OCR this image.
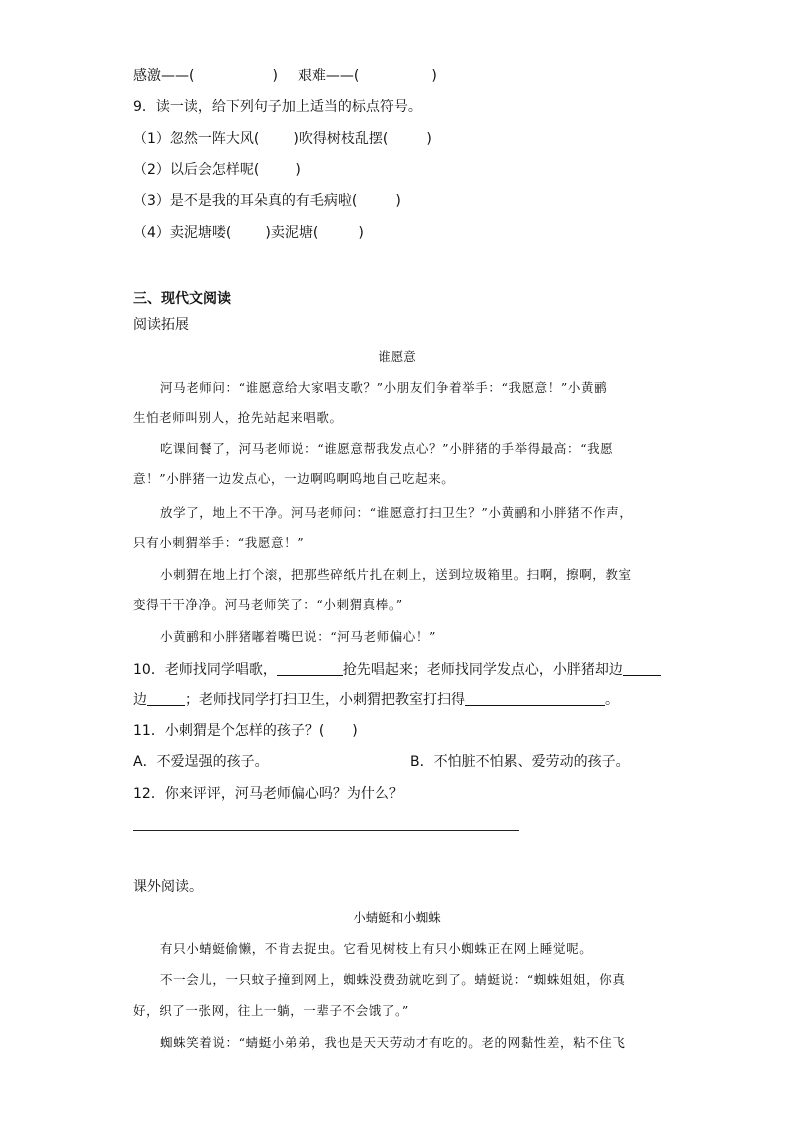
感激——(	) 艰难——(	)
9．读一读，给下列句子加上适当的标点符号。
（1）忽然一阵大风( )吹得树枝乱摆(	)
（2）以后会怎样呢(	)
（3）是不是我的耳朵真的有毛病啦(	)
（4）卖泥塘喽( )卖泥塘(	)
三、现代文阅读
阅读拓展
谁愿意
河马老师问：“谁愿意给大家唱支歌？”小朋友们争着举手：“我愿意！”小黄鹂
生怕老师叫别人，抢先站起来唱歌。
吃课间餐了，河马老师说：“谁愿意帮我发点心？”小胖猪的手举得最高：“我愿
意！”小胖猪一边发点心，一边啊呜啊呜地自己吃起来。
放学了，地上不干净。河马老师问：“谁愿意打扫卫生？”小黄鹂和小胖猪不作声，
只有小刺猬举手：“我愿意！”
小刺猬在地上打个滚，把那些碎纸片扎在刺上，送到垃圾箱里。扫啊，擦啊，教室
变得干干净净。河马老师笑了：“小刺猬真棒。”
小黄鹂和小胖猪嘟着嘴巴说：“河马老师偏心！”
10．老师找同学唱歌，	抢先唱起来；老师找同学发点心，小胖猪却边
边	；老师找同学打扫卫生，小刺猬把教室打扫得	。
11．小刺猬是个怎样的孩子？(　　)
A．不爱逞强的孩子。	B．不怕脏不怕累、爱劳动的孩子。
12．你来评评，河马老师偏心吗？为什么？
课外阅读。
小蜻蜓和小蜘蛛
有只小蜻蜓偷懒，不肯去捉虫。它看见树枝上有只小蜘蛛正在网上睡觉呢。
不一会儿，一只蚊子撞到网上，蜘蛛没费劲就吃到了。蜻蜓说：“蜘蛛姐姐，你真
好，织了一张网，往上一躺，一辈子不会饿了。”
蜘蛛笑着说：“蜻蜓小弟弟，我也是天天劳动才有吃的。老的网黏性差，粘不住飞
